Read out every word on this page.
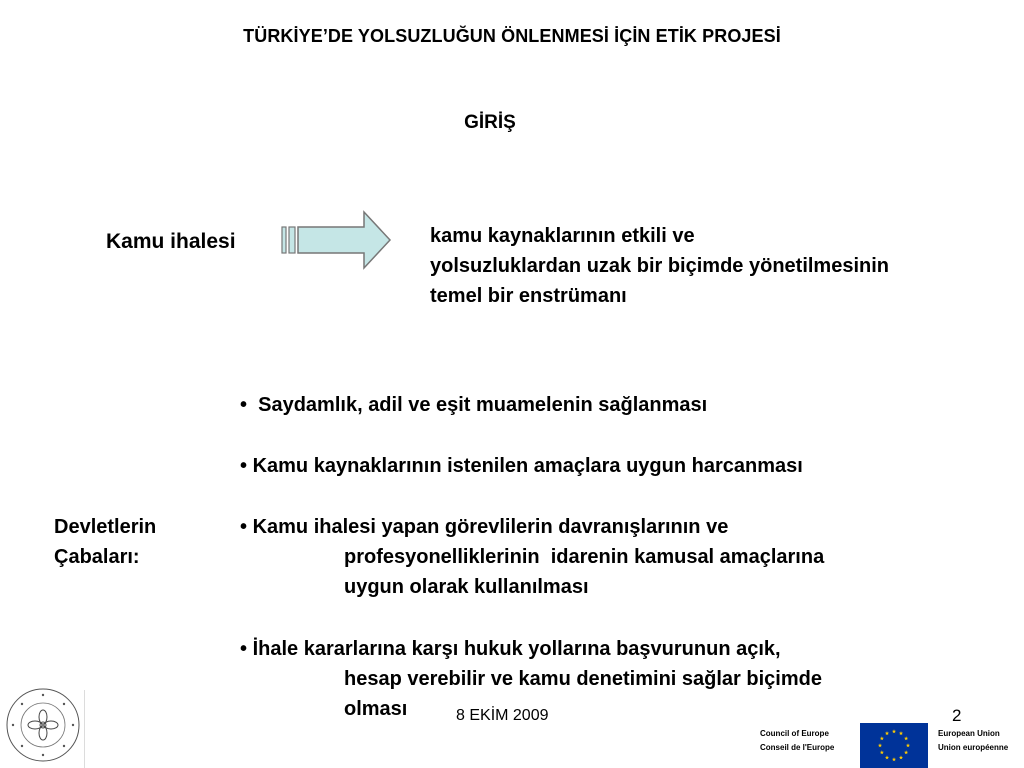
TÜRKİYE’DE YOLSUZLUĞUN ÖNLENMESİ İÇİN ETİK PROJESİ
GİRİŞ
Kamu ihalesi	kamu kaynaklarının etkili ve
yolsuzluklardan uzak bir biçimde yönetilmesinin
temel bir enstrümanı
Devletlerin
Çabaları:
•  Saydamlık, adil ve eşit muamelenin sağlanması
• Kamu kaynaklarının istenilen amaçlara uygun harcanması
• Kamu ihalesi yapan görevlilerin davranışlarının ve
profesyonelliklerinin  idarenin kamusal amaçlarına
uygun olarak kullanılması
• İhale kararlarına karşı hukuk yollarına başvurunun açık,
hesap verebilir ve kamu denetimini sağlar biçimde
olması	8 EKİM 2009	2
Council of Europe
Conseil de l'Europe
European Union
Union européenne
